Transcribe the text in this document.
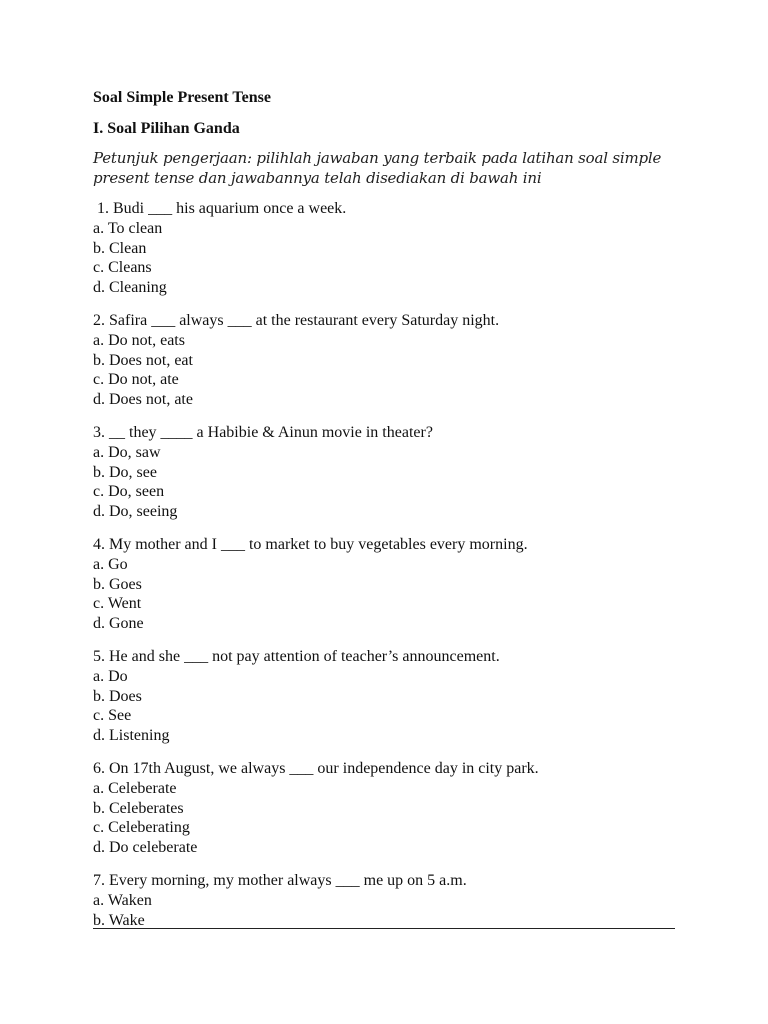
Soal Simple Present Tense

I. Soal Pilihan Ganda

Petunjuk pengerjaan: pilihlah jawaban yang terbaik pada latihan soal simple present tense dan jawabannya telah disediakan di bawah ini

1. Budi ___ his aquarium once a week.

a. To clean

b. Clean

c. Cleans

d. Cleaning

2. Safira ___ always ___ at the restaurant every Saturday night.

a. Do not, eats

b. Does not, eat

c. Do not, ate

d. Does not, ate

3. __ they ____ a Habibie & Ainun movie in theater?

a. Do, saw

b. Do, see

c. Do, seen

d. Do, seeing

4. My mother and I ___ to market to buy vegetables every morning.

a. Go

b. Goes

c. Went

d. Gone

5. He and she ___ not pay attention of teacher’s announcement.

a. Do

b. Does

c. See

d. Listening

6. On 17th August, we always ___ our independence day in city park.

a. Celeberate

b. Celeberates

c. Celeberating

d. Do celeberate

7. Every morning, my mother always ___ me up on 5 a.m.

a. Waken

b. Wake
